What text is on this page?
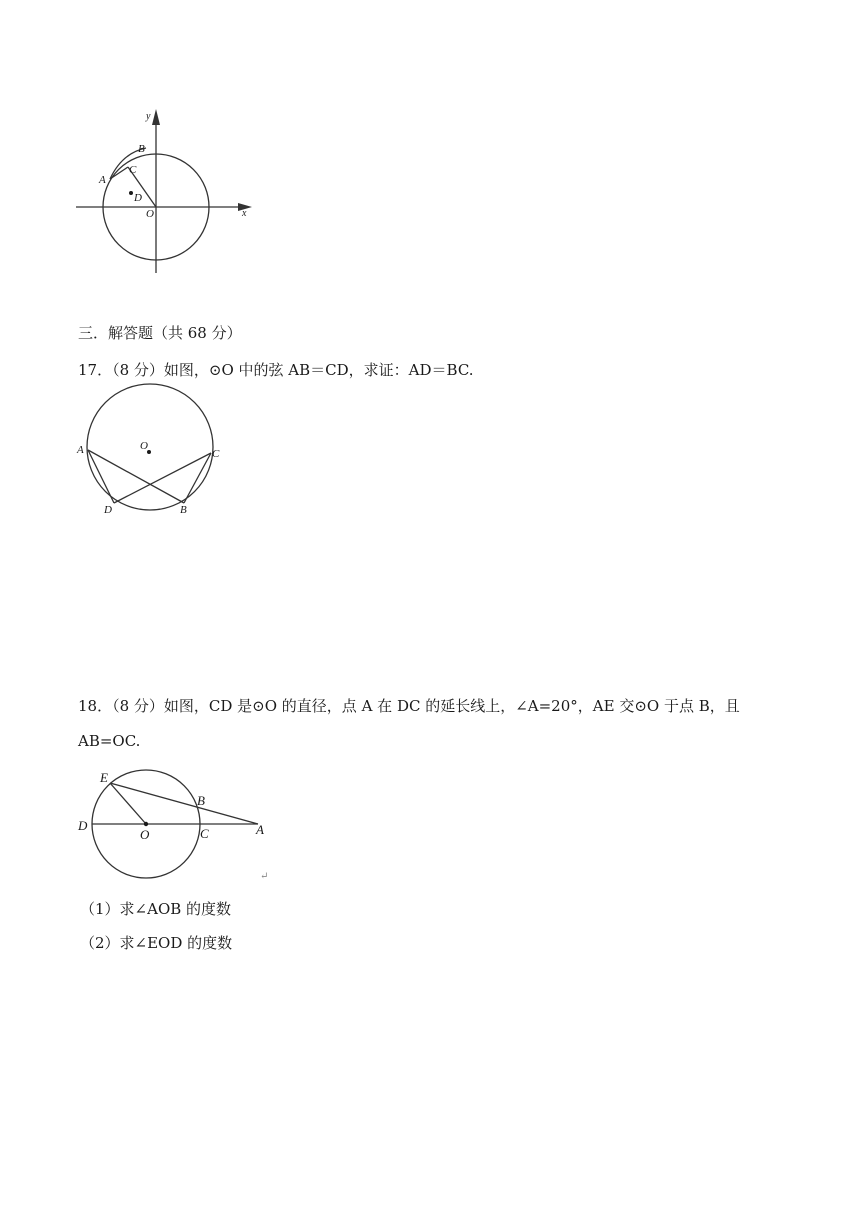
y
x
B
C
A
D
O
三．解答题（共 68 分）
17．（8 分）如图，⊙O 中的弦 AB＝CD，求证：AD＝BC.
A	O
C
D	B
18．（8 分）如图，CD 是⊙O 的直径，点 A 在 DC 的延长线上，∠A=20°，AE 交⊙O 于点 B，且
AB=OC.
E
B
D
O	C	A
↵
（1）求∠AOB 的度数
（2）求∠EOD 的度数
